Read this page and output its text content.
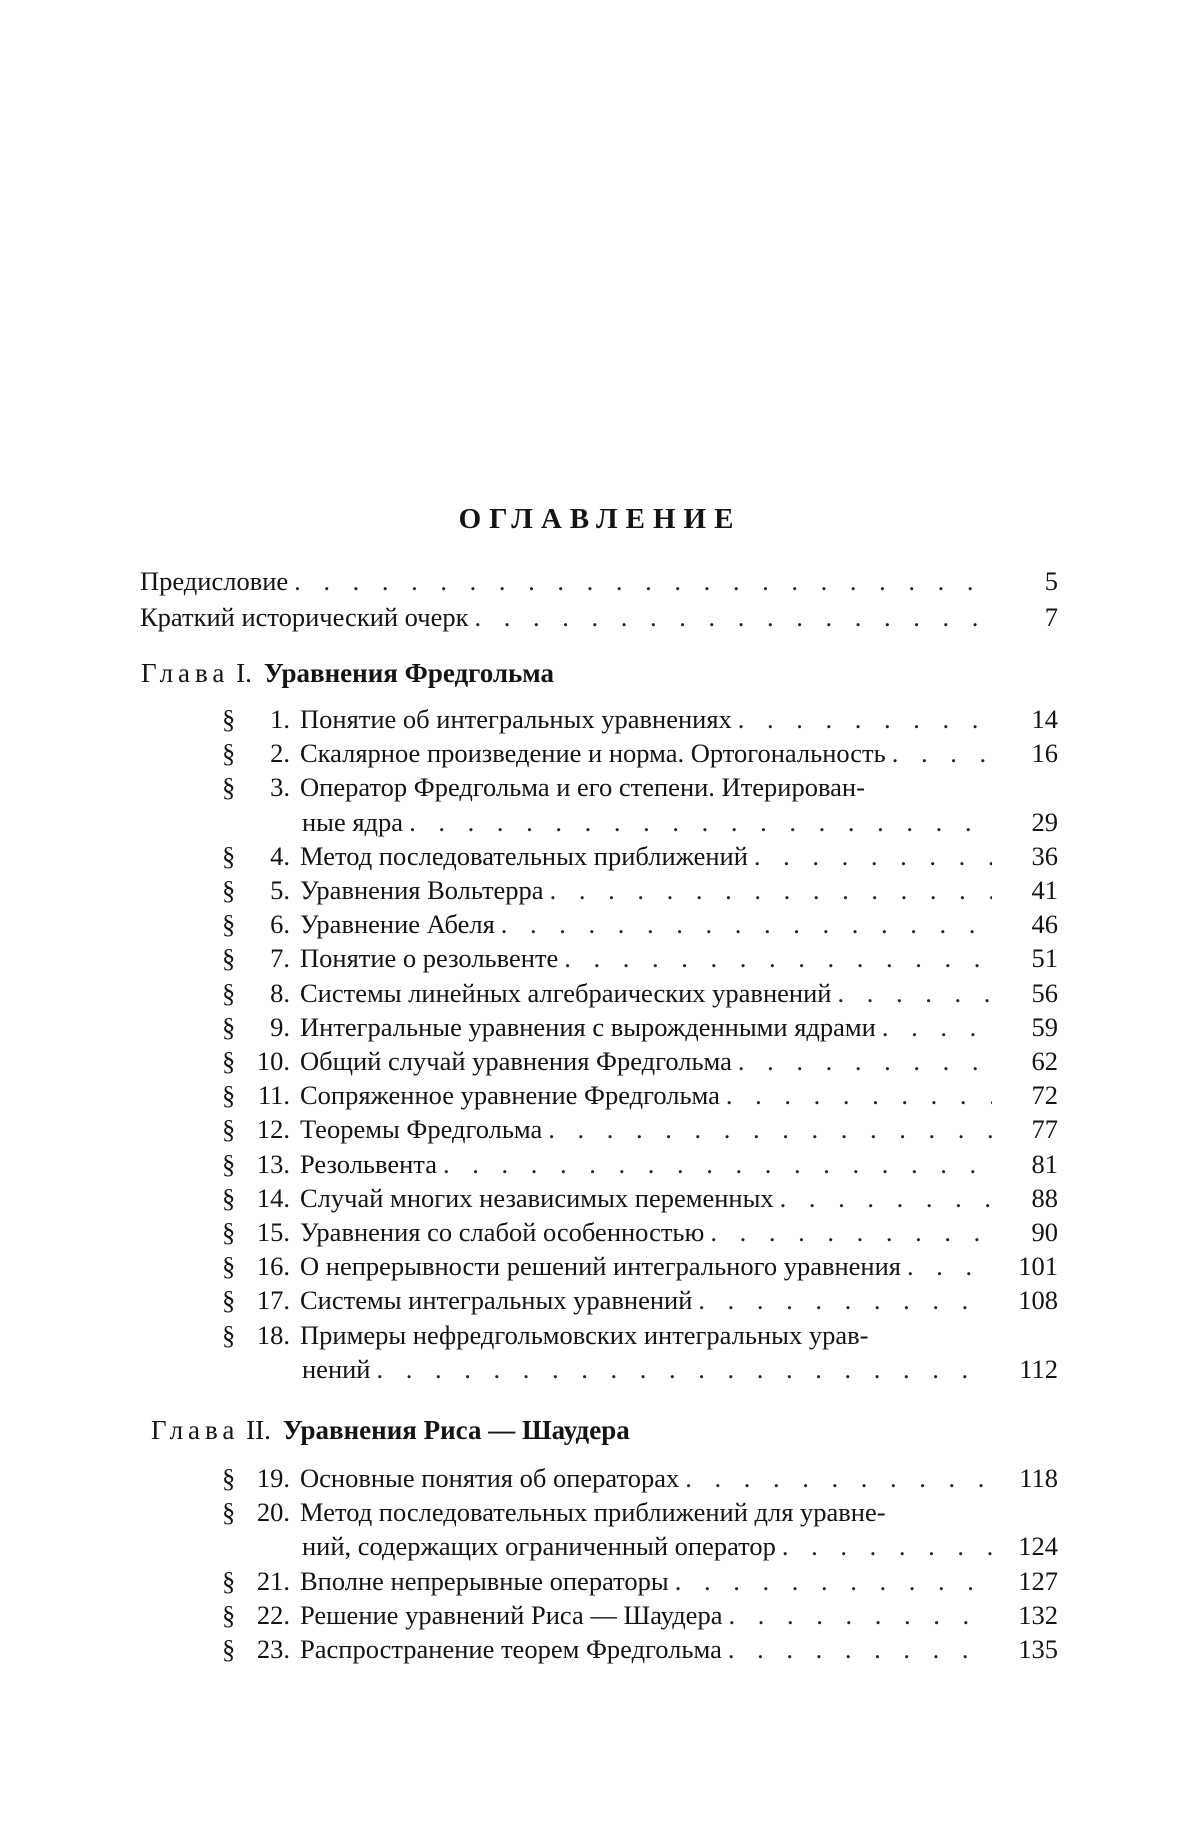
ОГЛАВЛЕНИЕ
Предисловие . . .	5
Краткий исторический очерк . . .	7
Глава I. Уравнения Фредгольма
§	1. Понятие об интегральных уравнениях . . .	14
§	2. Скалярное произведение и норма. Ортогональность . . .	16
§ 3. Оператор Фредгольма и его степени. Итерирован-
ные ядра . . .	29
§	4. Метод последовательных приближений . . .	36
§	5. Уравнения Вольтерра . . .	41
§	6. Уравнение Абеля . . .	46
§	7. Понятие о резольвенте . . .	51
§	8. Системы линейных алгебраических уравнений . . .	56
§	9. Интегральные уравнения с вырожденными ядрами . . .	59
§ 10. Общий случай уравнения Фредгольма . . .	62
§ 11. Сопряженное уравнение Фредгольма . . .	72
§ 12. Теоремы Фредгольма . . .	77
§ 13. Резольвента . . .	81
§ 14. Случай многих независимых переменных . . .	88
§ 15. Уравнения со слабой особенностью . . .	90
§ 16. О непрерывности решений интегрального уравнения . . .	101
§ 17. Системы интегральных уравнений . . .	108
§ 18. Примеры нефредгольмовских интегральных урав-
нений . . .	112
Глава II. Уравнения Риса — Шаудера
§ 19. Основные понятия об операторах . . .	118
§ 20. Метод последовательных приближений для уравне-
ний, содержащих ограниченный оператор . . .	124
§ 21. Вполне непрерывные операторы . . .	127
§ 22. Решение уравнений Риса — Шаудера . . .	132
§ 23. Распространение теорем Фредгольма . . .	135
